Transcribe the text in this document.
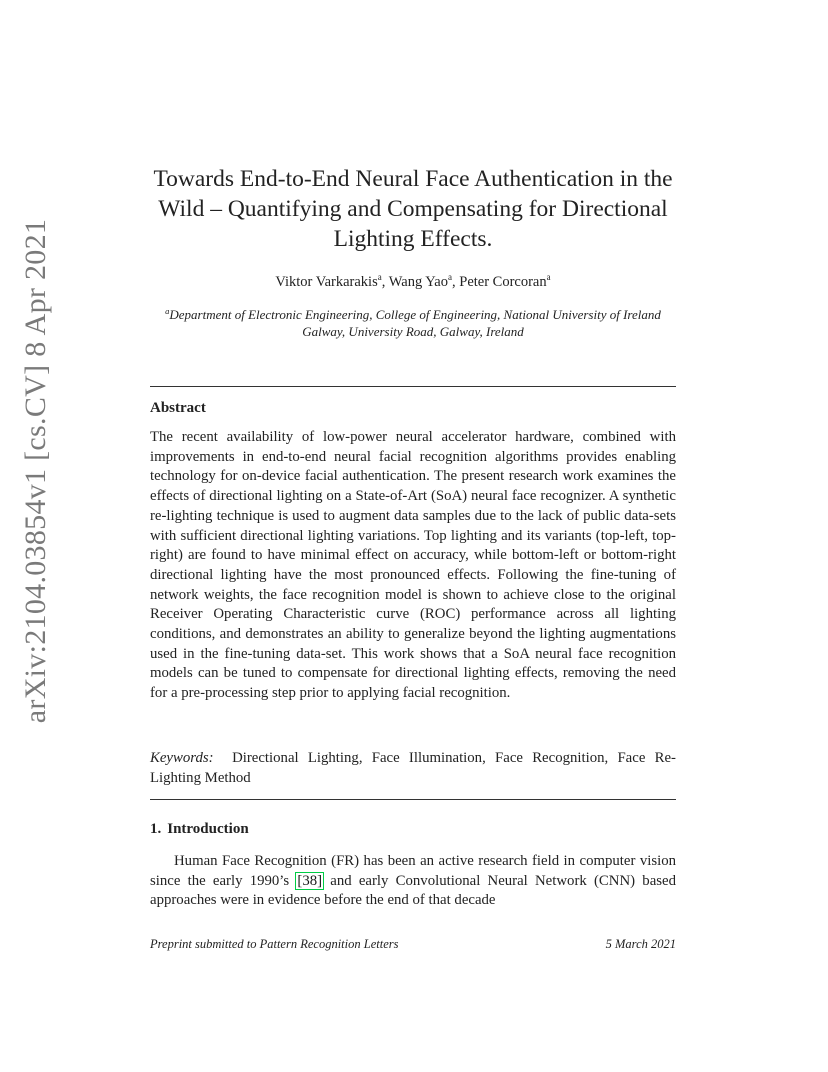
arXiv:2104.03854v1 [cs.CV] 8 Apr 2021
Towards End-to-End Neural Face Authentication in the Wild – Quantifying and Compensating for Directional Lighting Effects.
Viktor Varkarakis$^a$, Wang Yao$^a$, Peter Corcoran$^a$
$^a$Department of Electronic Engineering, College of Engineering, National University of Ireland Galway, University Road, Galway, Ireland
Abstract
The recent availability of low-power neural accelerator hardware, combined with improvements in end-to-end neural facial recognition algorithms provides enabling technology for on-device facial authentication. The present research work examines the effects of directional lighting on a State-of-Art (SoA) neural face recognizer. A synthetic re-lighting technique is used to augment data samples due to the lack of public data-sets with sufficient directional lighting variations. Top lighting and its variants (top-left, top-right) are found to have minimal effect on accuracy, while bottom-left or bottom-right directional lighting have the most pronounced effects. Following the fine-tuning of network weights, the face recognition model is shown to achieve close to the original Receiver Operating Characteristic curve (ROC) performance across all lighting conditions, and demonstrates an ability to generalize beyond the lighting augmentations used in the fine-tuning data-set. This work shows that a SoA neural face recognition models can be tuned to compensate for directional lighting effects, removing the need for a pre-processing step prior to applying facial recognition.
Keywords: Directional Lighting, Face Illumination, Face Recognition, Face Re-Lighting Method
1. Introduction
Human Face Recognition (FR) has been an active research field in computer vision since the early 1990’s [38] and early Convolutional Neural Network (CNN) based approaches were in evidence before the end of that decade
Preprint submitted to Pattern Recognition Letters	5 March 2021
